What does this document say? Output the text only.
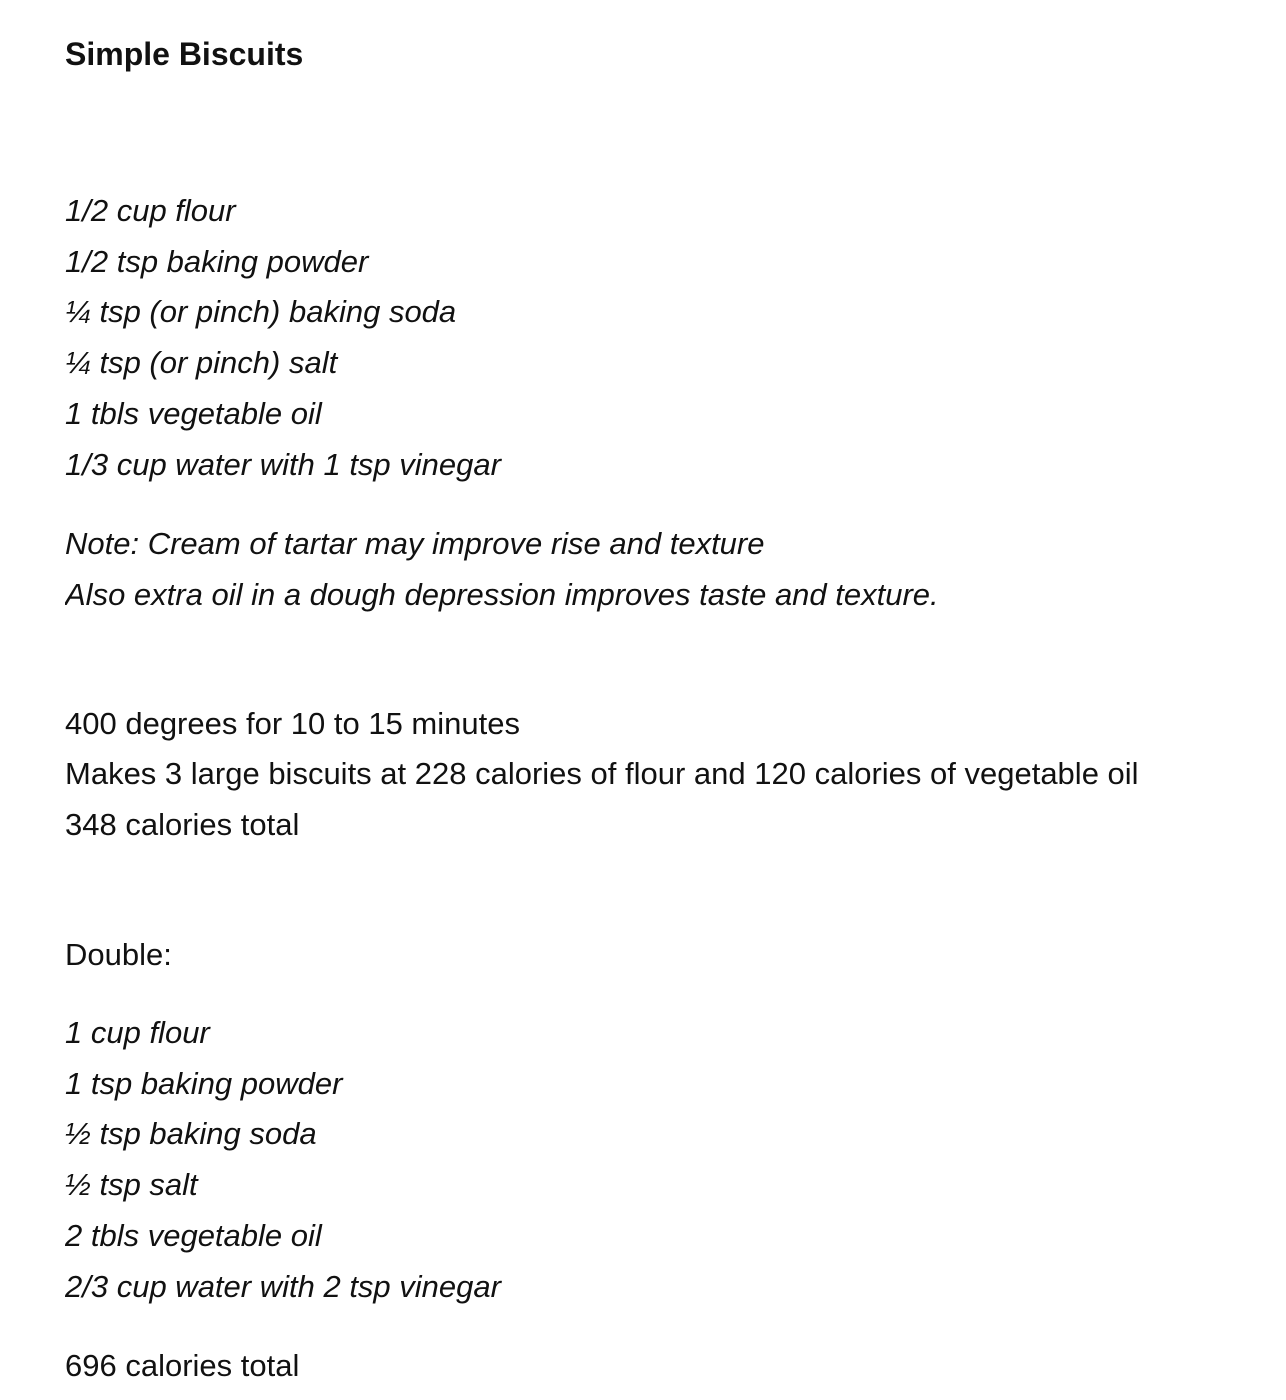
Simple Biscuits
1/2 cup flour
1/2 tsp baking powder
¼ tsp (or pinch) baking soda
¼ tsp (or pinch) salt
1 tbls vegetable oil
1/3 cup water with 1 tsp vinegar
Note: Cream of tartar may improve rise and texture
Also extra oil in a dough depression improves taste and texture.
400 degrees for 10 to 15 minutes
Makes 3 large biscuits at 228 calories of flour and 120 calories of vegetable oil
348 calories total
Double:
1 cup flour
1 tsp baking powder
½ tsp baking soda
½ tsp salt
2 tbls vegetable oil
2/3 cup water with 2 tsp vinegar
696 calories total
